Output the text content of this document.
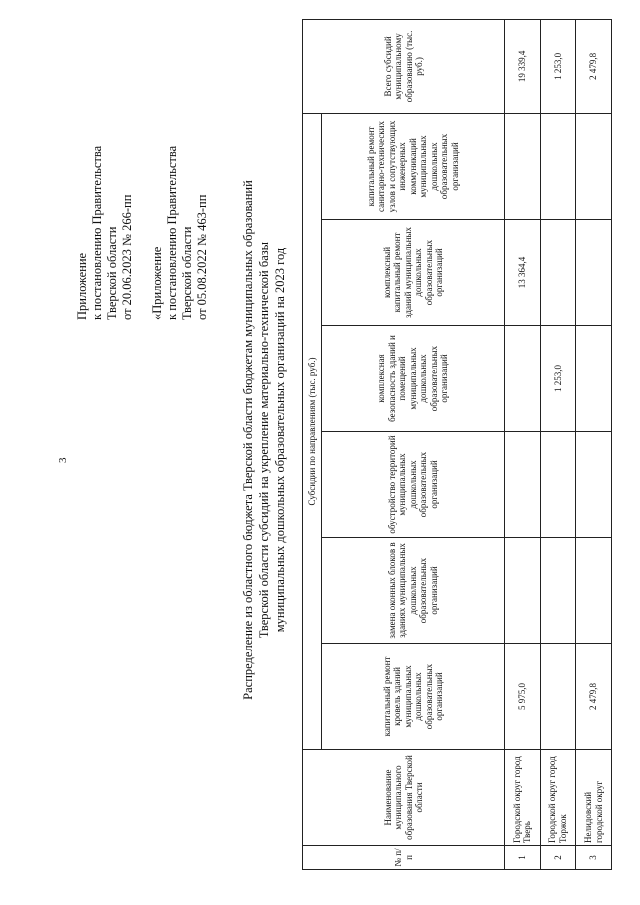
3
Приложение
к постановлению Правительства
Тверской области
от 20.06.2023 № 266-пп
«Приложение
к постановлению Правительства
Тверской области
от 05.08.2022 № 463-пп	Распределение из областного бюджета Тверской области бюджетам муниципальных образований Тверской области субсидий на укрепление материально-технической базы муниципальных дошкольных образовательных организаций на 2023 год
№ п/п	Наименование муниципального образования Тверской области	Субсидии по направлениям (тыс. руб.)						Всего субсидий муниципальному образованию (тыс. руб.)
		капитальный ремонт кровель зданий муниципальных дошкольных образовательных организаций	замена оконных блоков в зданиях муниципальных дошкольных образовательных организаций	обустройство территорий муниципальных дошкольных образовательных организаций	комплексная безопасность зданий и помещений муниципальных дошкольных образовательных организаций	комплексный капитальный ремонт зданий муниципальных дошкольных образовательных организаций	капитальный ремонт санитарно-технических узлов и сопутствующих инженерных коммуникаций муниципальных дошкольных образовательных организаций	
1	Городской округ город Тверь	5 975,0				13 364,4		19 339,4
2	Городской округ город Торжок				1 253,0			1 253,0
3	Нелидовский городской округ	2 479,8						2 479,8
